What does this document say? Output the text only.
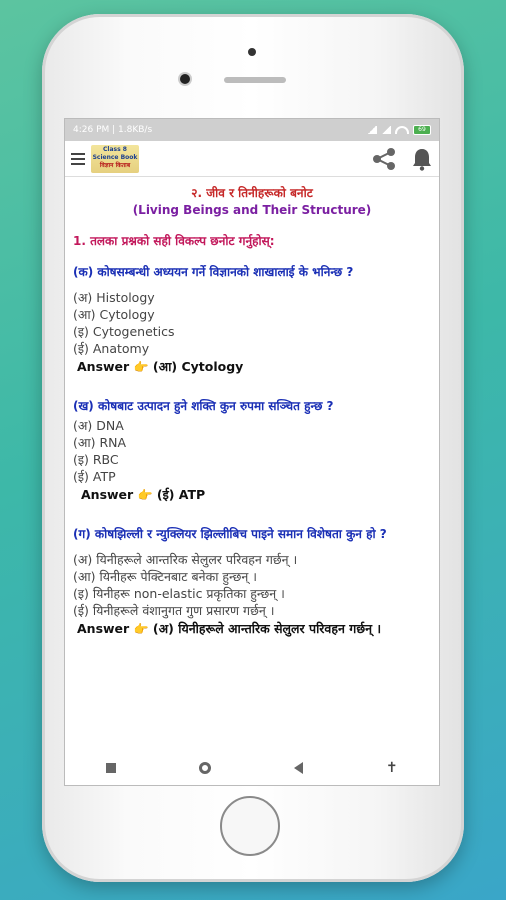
4:26 PM | 1.8KB/s	69
Class 8
Science Book
विज्ञान किताब
२. जीव र तिनीहरूको बनोट
(Living Beings and Their Structure)
1. तलका प्रश्नको सही विकल्प छनोट गर्नुहोस्:
(क) कोषसम्बन्धी अध्ययन गर्ने विज्ञानको शाखालाई के भनिन्छ ?
(अ) Histology
(आ) Cytology
(इ) Cytogenetics
(ई) Anatomy
Answer 👉 (आ) Cytology
(ख) कोषबाट उत्पादन हुने शक्ति कुन रुपमा सञ्चित हुन्छ ?
(अ) DNA
(आ) RNA
(इ) RBC
(ई) ATP
Answer 👉 (ई) ATP
(ग) कोषझिल्ली र न्युक्लियर झिल्लीबिच पाइने समान विशेषता कुन हो ?
(अ) यिनीहरूले आन्तरिक सेलुलर परिवहन गर्छन् ।
(आ) यिनीहरू पेक्टिनबाट बनेका हुन्छन् ।
(इ) यिनीहरू non-elastic प्रकृतिका हुन्छन् ।
(ई) यिनीहरूले वंशानुगत गुण प्रसारण गर्छन् ।
Answer 👉 (अ) यिनीहरूले आन्तरिक सेलुलर परिवहन गर्छन् ।
✝
